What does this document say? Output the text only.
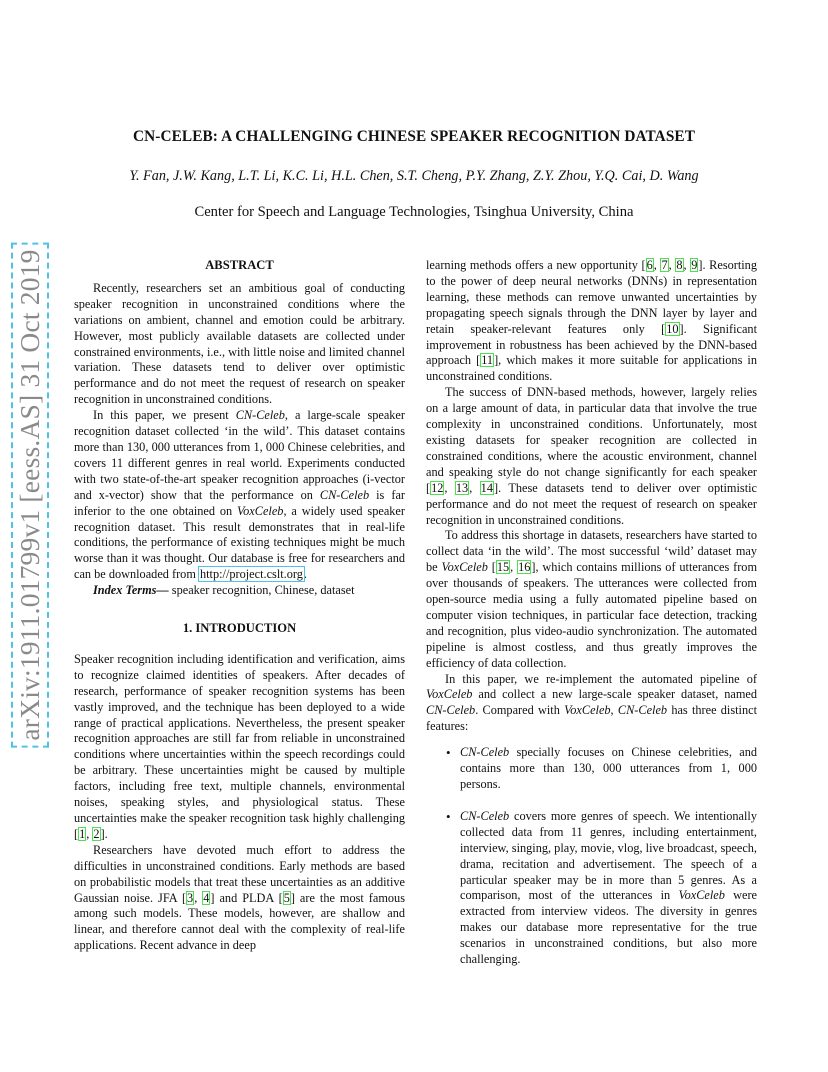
arXiv:1911.01799v1 [eess.AS] 31 Oct 2019
CN-CELEB: A CHALLENGING CHINESE SPEAKER RECOGNITION DATASET
Y. Fan, J.W. Kang, L.T. Li, K.C. Li, H.L. Chen, S.T. Cheng, P.Y. Zhang, Z.Y. Zhou, Y.Q. Cai, D. Wang
Center for Speech and Language Technologies, Tsinghua University, China
ABSTRACT

Recently, researchers set an ambitious goal of conducting speaker recognition in unconstrained conditions where the variations on ambient, channel and emotion could be arbitrary. However, most publicly available datasets are collected under constrained environments, i.e., with little noise and limited channel variation. These datasets tend to deliver over optimistic performance and do not meet the request of research on speaker recognition in unconstrained conditions.

In this paper, we present CN-Celeb, a large-scale speaker recognition dataset collected ‘in the wild’. This dataset contains more than 130, 000 utterances from 1, 000 Chinese celebrities, and covers 11 different genres in real world. Experiments conducted with two state-of-the-art speaker recognition approaches (i-vector and x-vector) show that the performance on CN-Celeb is far inferior to the one obtained on VoxCeleb, a widely used speaker recognition dataset. This result demonstrates that in real-life conditions, the performance of existing techniques might be much worse than it was thought. Our database is free for researchers and can be downloaded from http://project.cslt.org.

Index Terms— speaker recognition, Chinese, dataset

1. INTRODUCTION

Speaker recognition including identification and verification, aims to recognize claimed identities of speakers. After decades of research, performance of speaker recognition systems has been vastly improved, and the technique has been deployed to a wide range of practical applications. Nevertheless, the present speaker recognition approaches are still far from reliable in unconstrained conditions where uncertainties within the speech recordings could be arbitrary. These uncertainties might be caused by multiple factors, including free text, multiple channels, environmental noises, speaking styles, and physiological status. These uncertainties make the speaker recognition task highly challenging [1, 2].

Researchers have devoted much effort to address the difficulties in unconstrained conditions. Early methods are based on probabilistic models that treat these uncertainties as an additive Gaussian noise. JFA [3, 4] and PLDA [5] are the most famous among such models. These models, however, are shallow and linear, and therefore cannot deal with the complexity of real-life applications. Recent advance in deep

learning methods offers a new opportunity [6, 7, 8, 9]. Resorting to the power of deep neural networks (DNNs) in representation learning, these methods can remove unwanted uncertainties by propagating speech signals through the DNN layer by layer and retain speaker-relevant features only [10]. Significant improvement in robustness has been achieved by the DNN-based approach [11], which makes it more suitable for applications in unconstrained conditions.

The success of DNN-based methods, however, largely relies on a large amount of data, in particular data that involve the true complexity in unconstrained conditions. Unfortunately, most existing datasets for speaker recognition are collected in constrained conditions, where the acoustic environment, channel and speaking style do not change significantly for each speaker [12, 13, 14]. These datasets tend to deliver over optimistic performance and do not meet the request of research on speaker recognition in unconstrained conditions.

To address this shortage in datasets, researchers have started to collect data ‘in the wild’. The most successful ‘wild’ dataset may be VoxCeleb [15, 16], which contains millions of utterances from over thousands of speakers. The utterances were collected from open-source media using a fully automated pipeline based on computer vision techniques, in particular face detection, tracking and recognition, plus video-audio synchronization. The automated pipeline is almost costless, and thus greatly improves the efficiency of data collection.

In this paper, we re-implement the automated pipeline of VoxCeleb and collect a new large-scale speaker dataset, named CN-Celeb. Compared with VoxCeleb, CN-Celeb has three distinct features:

• CN-Celeb specially focuses on Chinese celebrities, and contains more than 130, 000 utterances from 1, 000 persons.

• CN-Celeb covers more genres of speech. We intentionally collected data from 11 genres, including entertainment, interview, singing, play, movie, vlog, live broadcast, speech, drama, recitation and advertisement. The speech of a particular speaker may be in more than 5 genres. As a comparison, most of the utterances in VoxCeleb were extracted from interview videos. The diversity in genres makes our database more representative for the true scenarios in unconstrained conditions, but also more challenging.
